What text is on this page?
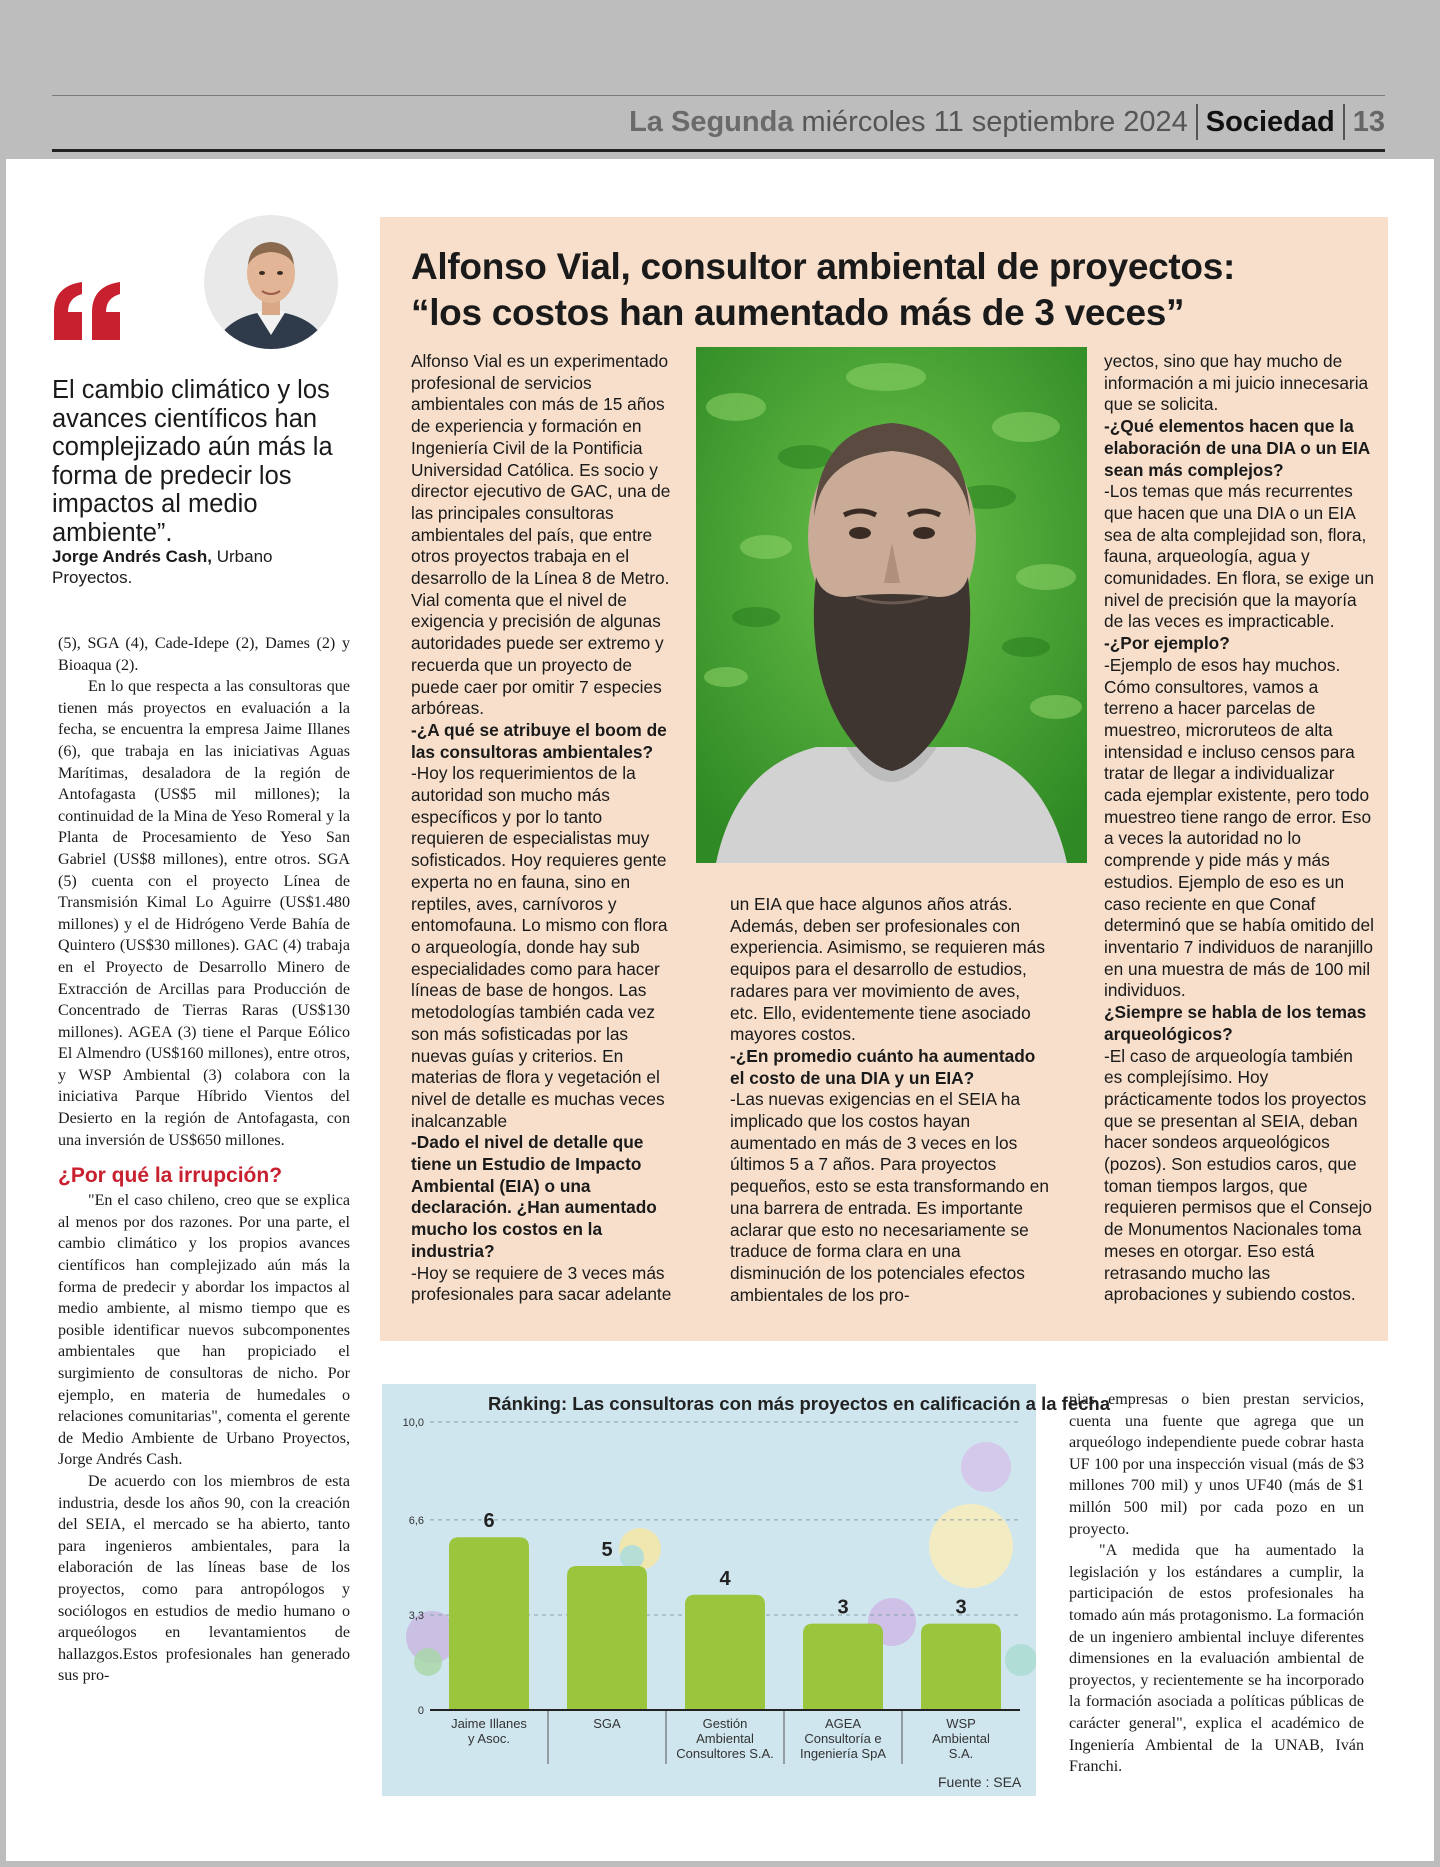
La Segunda miércoles 11 septiembre 2024 Sociedad 13
El cambio climático y los avances científicos han complejizado aún más la forma de predecir los impactos al medio ambiente”.
Jorge Andrés Cash, Urbano Proyectos.

(5), SGA (4), Cade-Idepe (2), Dames (2) y Bioaqua (2).

En lo que respecta a las consultoras que tienen más proyectos en evaluación a la fecha, se encuentra la empresa Jaime Illanes (6), que trabaja en las iniciativas Aguas Marítimas, desaladora de la región de Antofagasta (US$5 mil millones); la continuidad de la Mina de Yeso Romeral y la Planta de Procesamiento de Yeso San Gabriel (US$8 millones), entre otros. SGA (5) cuenta con el proyecto Línea de Transmisión Kimal Lo Aguirre (US$1.480 millones) y el de Hidrógeno Verde Bahía de Quintero (US$30 millones). GAC (4) trabaja en el Proyecto de Desarrollo Minero de Extracción de Arcillas para Producción de Concentrado de Tierras Raras (US$130 millones). AGEA (3) tiene el Parque Eólico El Almendro (US$160 millones), entre otros, y WSP Ambiental (3) colabora con la iniciativa Parque Híbrido Vientos del Desierto en la región de Antofagasta, con una inversión de US$650 millones.

¿Por qué la irrupción?

"En el caso chileno, creo que se explica al menos por dos razones. Por una parte, el cambio climático y los propios avances científicos han complejizado aún más la forma de predecir y abordar los impactos al medio ambiente, al mismo tiempo que es posible identificar nuevos subcomponentes ambientales que han propiciado el surgimiento de consultoras de nicho. Por ejemplo, en materia de humedales o relaciones comunitarias", comenta el gerente de Medio Ambiente de Urbano Proyectos, Jorge Andrés Cash.

De acuerdo con los miembros de esta industria, desde los años 90, con la creación del SEIA, el mercado se ha abierto, tanto para ingenieros ambientales, para la elaboración de las líneas base de los proyectos, como para antropólogos y sociólogos en estudios de medio humano o arqueólogos en levantamientos de hallazgos.Estos profesionales han generado sus pro-

Alfonso Vial, consultor ambiental de proyectos:
“los costos han aumentado más de 3 veces”

Alfonso Vial es un experimentado profesional de servicios ambientales con más de 15 años de experiencia y formación en Ingeniería Civil de la Pontificia Universidad Católica. Es socio y director ejecutivo de GAC, una de las principales consultoras ambientales del país, que entre otros proyectos trabaja en el desarrollo de la Línea 8 de Metro.

Vial comenta que el nivel de exigencia y precisión de algunas autoridades puede ser extremo y recuerda que un proyecto de puede caer por omitir 7 especies arbóreas.

-¿A qué se atribuye el boom de las consultoras ambientales?

-Hoy los requerimientos de la autoridad son mucho más específicos y por lo tanto requieren de especialistas muy sofisticados. Hoy requieres gente experta no en fauna, sino en reptiles, aves, carnívoros y entomofauna. Lo mismo con flora o arqueología, donde hay sub especialidades como para hacer líneas de base de hongos. Las metodologías también cada vez son más sofisticadas por las nuevas guías y criterios. En materias de flora y vegetación el nivel de detalle es muchas veces inalcanzable

-Dado el nivel de detalle que tiene un Estudio de Impacto Ambiental (EIA) o una declaración. ¿Han aumentado mucho los costos en la industria?

-Hoy se requiere de 3 veces más profesionales para sacar adelante

un EIA que hace algunos años atrás. Además, deben ser profesionales con experiencia. Asimismo, se requieren más equipos para el desarrollo de estudios, radares para ver movimiento de aves, etc. Ello, evidentemente tiene asociado mayores costos.

-¿En promedio cuánto ha aumentado el costo de una DIA y un EIA?

-Las nuevas exigencias en el SEIA ha implicado que los costos hayan aumentado en más de 3 veces en los últimos 5 a 7 años. Para proyectos pequeños, esto se esta transformando en una barrera de entrada. Es importante aclarar que esto no necesariamente se traduce de forma clara en una disminución de los potenciales efectos ambientales de los pro-

yectos, sino que hay mucho de información a mi juicio innecesaria que se solicita.

-¿Qué elementos hacen que la elaboración de una DIA o un EIA sean más complejos?

-Los temas que más recurrentes que hacen que una DIA o un EIA sea de alta complejidad son, flora, fauna, arqueología, agua y comunidades. En flora, se exige un nivel de precisión que la mayoría de las veces es impracticable.

-¿Por ejemplo?

-Ejemplo de esos hay muchos. Cómo consultores, vamos a terreno a hacer parcelas de muestreo, microruteos de alta intensidad e incluso censos para tratar de llegar a individualizar cada ejemplar existente, pero todo muestreo tiene rango de error. Eso a veces la autoridad no lo comprende y pide más y más estudios. Ejemplo de eso es un caso reciente en que Conaf determinó que se había omitido del inventario 7 individuos de naranjillo en una muestra de más de 100 mil individuos.

¿Siempre se habla de los temas arqueológicos?

-El caso de arqueología también es complejísimo. Hoy prácticamente todos los proyectos que se presentan al SEIA, deban hacer sondeos arqueológicos (pozos). Son estudios caros, que toman tiempos largos, que requieren permisos que el Consejo de Monumentos Nacionales toma meses en otorgar. Eso está retrasando mucho las aprobaciones y subiendo costos.

0
3,3
6,6
10,0
6
Jaime Illanes
y Asoc.
5
SGA
4
Gestión
Ambiental
Consultores S.A.
3
AGEA
Consultoría e
Ingeniería SpA
3
WSP
Ambiental
S.A.
Ránking: Las consultoras con más proyectos en calificación a la fecha
Fuente : SEA

pias empresas o bien prestan servicios, cuenta una fuente que agrega que un arqueólogo independiente puede cobrar hasta UF 100 por una inspección visual (más de $3 millones 700 mil) y unos UF40 (más de $1 millón 500 mil) por cada pozo en un proyecto.

"A medida que ha aumentado la legislación y los estándares a cumplir, la participación de estos profesionales ha tomado aún más protagonismo. La formación de un ingeniero ambiental incluye diferentes dimensiones en la evaluación ambiental de proyectos, y recientemente se ha incorporado la formación asociada a políticas públicas de carácter general", explica el académico de Ingeniería Ambiental de la UNAB, Iván Franchi.
